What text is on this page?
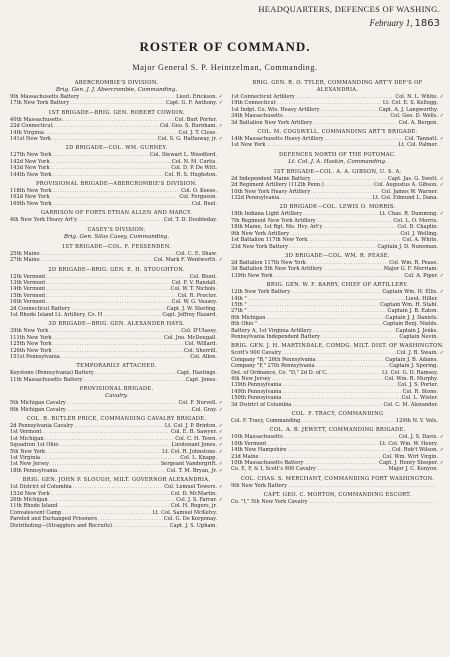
HEADQUARTERS, DEFENCES OF WASHING.
February 1, 1863
ROSTER OF COMMAND.
Major General S. P. Heintzelman, Commanding.
ABERCROMBIE'S DIVISION.
Brig. Gen. J. J. Abercrombie, Commanding.
9th Massachusetts Battery . . .	Lieut. Erickson. ✓
17th New York Battery . . .	Capt. G. F. Anthony. ✓
1ST BRIGADE—BRIG. GEN. ROBERT COWDIN.
40th Massachusetts . . .	Col. Burt Porter.
22d Connecticut . . .	Col. Geo. S. Burnham. ✓
14th Virginia . . .	Col. J. T. Close.
141st New York . . .	Col. S. G. Hathaway, jr. ✓
2D BRIGADE—COL. WM. GURNEY.
127th New York . . .	Col. Stewart L. Woodford.
142d New York . . .	Col. N. M. Curtis.
143d New York . . .	Col. D. P. De Witt.
144th New York . . .	Col. R. S. Hughston.
PROVISIONAL BRIGADE—ABERCROMBIE'S DIVISION.
118th New York . . .	Col. O. Keese.
162d New York . . .	Col. Ferguson.
169th New York . . .	Col. Buel.
GARRISON OF FORTS ETHAN ALLEN AND MARCY.
4th New York Heavy Art'y . . .	Col. T. D. Doubleday.
CASEY'S DIVISION.
Brig. Gen. Silas Casey, Commanding.
1ST BRIGADE—COL. F. FESSENDEN.
25th Maine . . .	Col. C. E. Shaw.
27th Maine . . .	Col. Mark F. Wentworth. ✓
2D BRIGADE—BRIG. GEN. E. H. STOUGHTON.
12th Vermont . . .	Col. Blunt.
13th Vermont . . .	Col. F. V. Randall.
14th Vermont . . .	Col. W. T. Nichols.
15th Vermont . . .	Col. R. Proctor.
16th Vermont . . .	Col. W. G. Veazey.
2d Connecticut Battery . . .	Capt. J. W. Sterling.
1st Rhode Island Lt. Artillery, Co. H . . .	Capt. Jeffrey Hazard.
3D BRIGADE—BRIG. GEN. ALEXANDER HAYS.
39th New York . . .	Col. D'Utassy.
111th New York . . .	Col. Jno. McDougall.
125th New York . . .	Col. Willard.
126th New York . . .	Col. Sherrill.
151st Pennsylvania . . .	Col. Allen.
TEMPORARILY ATTACHED.
Keystone (Pennsylvania) Battery . . .	Capt. Hastings.
11th Massachusetts Battery . . .	Capt. Jones.
PROVISIONAL BRIGADE.
Cavalry.
5th Michigan Cavalry . . .	Col. F. Norvell. ✓
6th Michigan Cavalry . . .	Col. Gray. ✓
COL. R. BUTLER PRICE, COMMANDING CAVALRY BRIGADE.
2d Pennsylvania Cavalry . . .	Lt. Col. J. P. Brinton. ✓
1st Vermont . . .	Col. E. B. Sawyer. ✓
1st Michigan . . .	Col. C. H. Town. ✓
Squadron 1st Ohio . . .	Lieutenant Jones. ✓
5th New York . . .	Lt. Col. R. Johnstone. ✓
1st Virginia . . .	Col. L. Knapp.
1st New Jersey . . .	Sergeant Vandergrift. ✓
18th Pennsylvania . . .	Col. T. M. Bryan, Jr. ✓
BRIG. GEN. JOHN P. SLOUGH, MILT. GOVERNOR ALEXANDRIA.
1st District of Columbia . . .	Col. Lemuel Towers. ✓
153d New York . . .	Col. D. McMartin.
26th Michigan . . .	Col. J. S. Farrar. ✓
11th Rhode Island . . .	Col. H. Rogers, jr.
Convalescent Camp . . .	Lt. Col. Samuel McKelvy.
Paroled and Exchanged Prisoners . . .	Col. G. De Korponay.
Distributing—(Stragglers and Recruits) . . .	Capt. J. S. Upham.
BRIG. GEN. R. O. TYLER, COMMANDING ART'Y DEF'S OF ALEXANDRIA.
1st Connecticut Artillery . . .	Col. N. L. White. ✓
19th Connecticut . . .	Lt. Col. E. S. Kellogg.
1st Indpt. Co. Wis. Heavy Artillery . . .	Capt. A. J. Langworthy.
34th Massachusetts . . .	Col. Geo. D. Wells. ✓
3d Battalion New York Artillery . . .	Col. A. Bergen.
COL. M. COGSWELL, COMMANDING ART'Y BRIGADE.
14th Massachusetts Heavy Artillery . . .	Col. Tannatt. ✓
1st New York . . .	Lt. Col. Palmer.
DEFENCES NORTH OF THE POTOMAC.
Lt. Col. J. A. Haskin, Commanding.
1ST BRIGADE—COL. A. A. GIBSON, U. S. A.
2d Independent Maine Battery . . .	Capt. Jas. G. Swett. ✓
2d Regiment Artillery (112th Penn.) . . .	Col. Augustus A. Gibson. ✓
10th New York Heavy Artillery . . .	Col. James W. Warner.
132d Pennsylvania . . .	Lt. Col. Edmund L. Dana.
2D BRIGADE—COL. LEWIS O. MORRIS.
19th Indiana Light Artillery . . .	Lt. Chas. R. Dumming. ✓
7th Regiment New York Artillery . . .	Col. L. O. Morris.
18th Maine, 1st Rgt. Me. Hvy. Art'y . . .	Col. D. Chaplin.
9th New York Artillery . . .	Col. J. Welling.
1st Battalion 117th New York . . .	Col. A. White.
23d New York Battery . . .	Captain J. D. Nuneman.
3D BRIGADE—COL. WM. R. PEASE.
2d Battalion 117th New York . . .	Col. Wm. R. Pease.
3d Battalion 5th New York Artillery . . .	Major G. F. Merriam.
139th New York . . .	Col. A. Piper. ✓
BRIG. GEN. W. F. BARRY, CHIEF OF ARTILLERY.
12th New York Battery . . .	Captain Wm. H. Ellis. ✓
14th " . . .	Lieut. Hiller.
15th " . . .	Captain Wm. H. Stahl.
27th " . . .	Captain J. B. Eaton.
8th Michigan . . .	Captain J. J. Daniels.
8th Ohio " . . .	Captain Benj. Nields.
Battery A, 1st Virginia Artillery . . .	Captain J. Jenks.
Pennsylvania Independent Battery . . .	Captain Nevin.
BRIG. GEN. J. H. MARTINDALE, COMDG. MILT. DIST. OF WASHINGTON.
Scott's 900 Cavalry . . .	Col. J. B. Swain. ✓
Company "B," 26th Pennsylvania . . .	Captain J. B. Adams.
Company "F," 27th Pennsylvania . . .	Captain J. Spering.
Det. of Ordnance, Co. "D," 2d D. of C. . . .	Lt. Col. G. D. Ramsey.
4th New Jersey . . .	Col. Wm. B. Murphy.
139th Pennsylvania . . .	Col. J. S. Porter.
149th Pennsylvania . . .	Col. R. Stone.
150th Pennsylvania . . .	Col. L. Wister.
3d District of Columbia . . .	Col. C. M. Alexander.
COL. F. TRACY, COMMANDING
Col. F. Tracy, Commanding . . .	129th N. Y. Vols.
COL. A. B. JEWETT, COMMANDING BRIGADE.
10th Massachusetts . . .	Col. J. S. Davis. ✓
10th Vermont . . .	Lt. Col. Wm. W. Henry.
14th New Hampshire . . .	Col. Rob't Wilson. ✓
23d Maine . . .	Col. Wm. Wirt Virgin.
10th Massachusetts Battery . . .	Capt. J. Henry Sleeper. ✓
Co. E, F, & I, Scott's 900 Cavalry . . .	Major J. C. Kenyon.
COL. CHAS. S. MERCHANT, COMMANDING FORT WASHINGTON.
9th New York Battery
. . .
CAPT. GEO. C. MORTON, COMMANDING ESCORT.
Co. "I," 5th New York Cavalry
. . .
